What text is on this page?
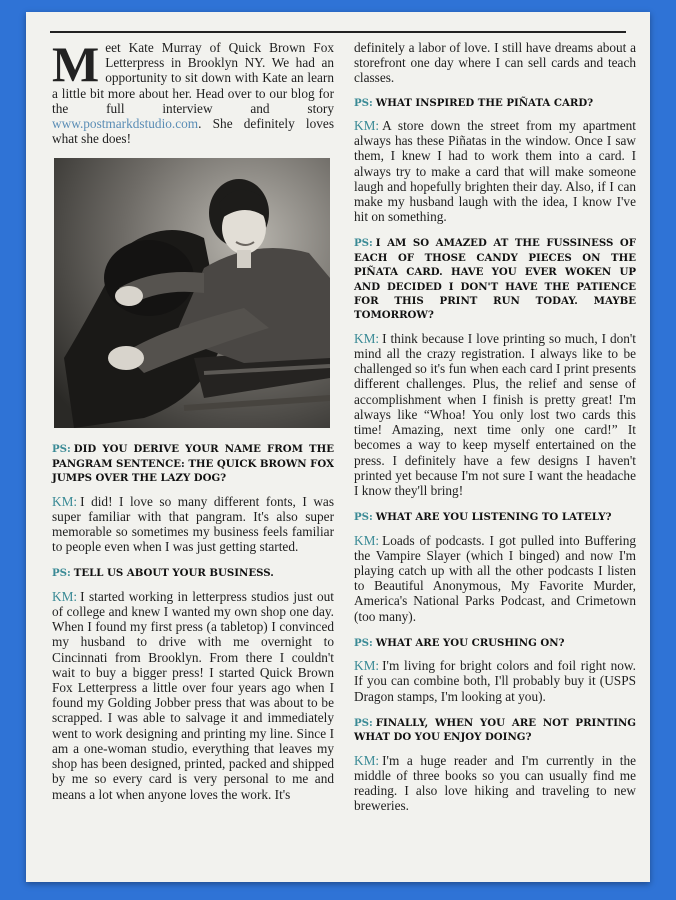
Meet Kate Murray of Quick Brown Fox Letterpress in Brooklyn NY. We had an opportunity to sit down with Kate an learn a little bit more about her. Head over to our blog for the full interview and story www.postmarkdstudio.com. She definitely loves what she does!

PS: DID YOU DERIVE YOUR NAME FROM THE PANGRAM SENTENCE: THE QUICK BROWN FOX JUMPS OVER THE LAZY DOG?

KM: I did! I love so many different fonts, I was super familiar with that pangram. It's also super memorable so sometimes my business feels familiar to people even when I was just getting started.

PS: TELL US ABOUT YOUR BUSINESS.

KM: I started working in letterpress studios just out of college and knew I wanted my own shop one day. When I found my first press (a tabletop) I convinced my husband to drive with me overnight to Cincinnati from Brooklyn. From there I couldn't wait to buy a bigger press! I started Quick Brown Fox Letterpress a little over four years ago when I found my Golding Jobber press that was about to be scrapped. I was able to salvage it and immediately went to work designing and printing my line. Since I am a one-woman studio, everything that leaves my shop has been designed, printed, packed and shipped by me so every card is very personal to me and means a lot when anyone loves the work. It's

definitely a labor of love. I still have dreams about a storefront one day where I can sell cards and teach classes.

PS: WHAT INSPIRED THE PIÑATA CARD?

KM: A store down the street from my apartment always has these Piñatas in the window. Once I saw them, I knew I had to work them into a card. I always try to make a card that will make someone laugh and hopefully brighten their day. Also, if I can make my husband laugh with the idea, I know I've hit on something.

PS: I AM SO AMAZED AT THE FUSSINESS OF EACH OF THOSE CANDY PIECES ON THE PIÑATA CARD. HAVE YOU EVER WOKEN UP AND DECIDED I DON'T HAVE THE PATIENCE FOR THIS PRINT RUN TODAY. MAYBE TOMORROW?

KM: I think because I love printing so much, I don't mind all the crazy registration. I always like to be challenged so it's fun when each card I print presents different challenges. Plus, the relief and sense of accomplishment when I finish is pretty great! I'm always like “Whoa! You only lost two cards this time! Amazing, next time only one card!” It becomes a way to keep myself entertained on the press. I definitely have a few designs I haven't printed yet because I'm not sure I want the headache I know they'll bring!

PS: WHAT ARE YOU LISTENING TO LATELY?

KM: Loads of podcasts. I got pulled into Buffering the Vampire Slayer (which I binged) and now I'm playing catch up with all the other podcasts I listen to Beautiful Anonymous, My Favorite Murder, America's National Parks Podcast, and Crimetown (too many).

PS: WHAT ARE YOU CRUSHING ON?

KM: I'm living for bright colors and foil right now. If you can combine both, I'll probably buy it (USPS Dragon stamps, I'm looking at you).

PS: FINALLY, WHEN YOU ARE NOT PRINTING WHAT DO YOU ENJOY DOING?

KM: I'm a huge reader and I'm currently in the middle of three books so you can usually find me reading. I also love hiking and traveling to new breweries.
